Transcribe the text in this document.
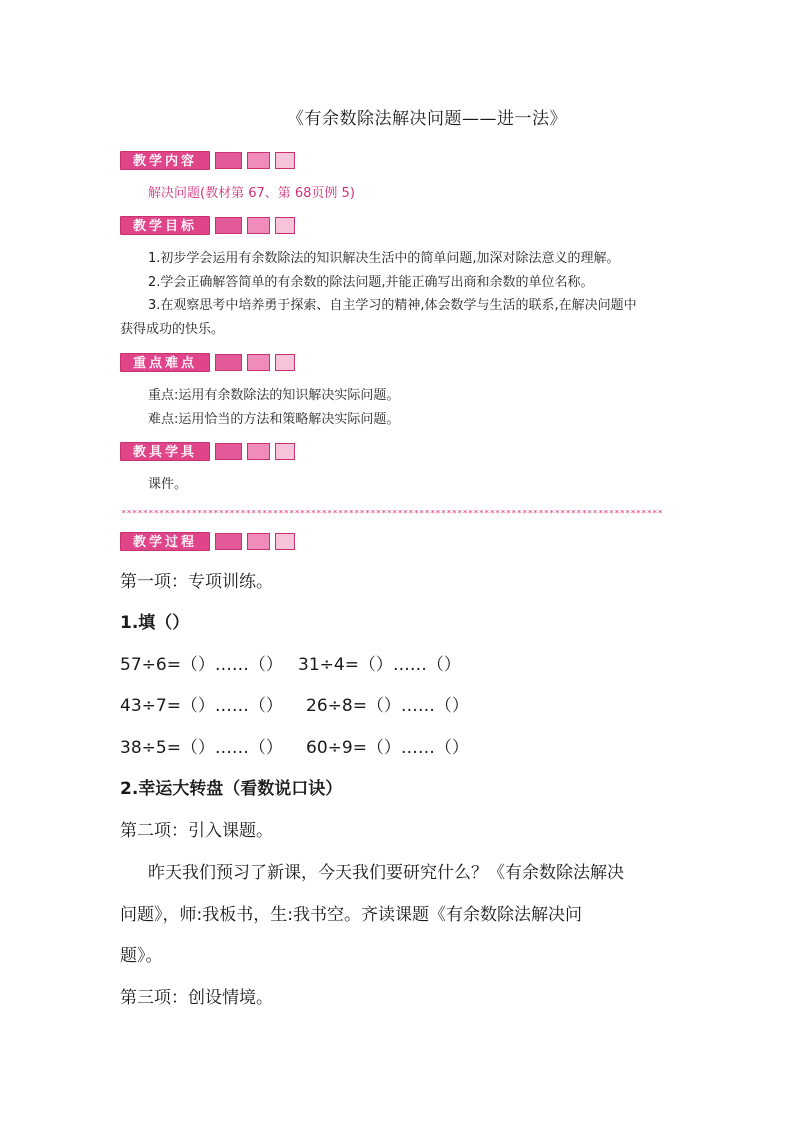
《有余数除法解决问题——进一法》
教学内容
解决问题(教材第 67、第 68页例 5)
教学目标
1.初步学会运用有余数除法的知识解决生活中的简单问题,加深对除法意义的理解。
2.学会正确解答简单的有余数的除法问题,并能正确写出商和余数的单位名称。
3.在观察思考中培养勇于探索、自主学习的精神,体会数学与生活的联系,在解决问题中
获得成功的快乐。
重点难点
重点:运用有余数除法的知识解决实际问题。
难点:运用恰当的方法和策略解决实际问题。
教具学具
课件。
****************************************************************************************************
教学过程
第一项：专项训练。
1.填（）
57÷6=（）……（） 31÷4=（）……（）
43÷7=（）……（） 26÷8=（）……（）
38÷5=（）……（） 60÷9=（）……（）
2.幸运大转盘（看数说口诀）
第二项：引入课题。
昨天我们预习了新课，今天我们要研究什么？《有余数除法解决
问题》，师:我板书，生:我书空。齐读课题《有余数除法解决问
题》。
第三项：创设情境。
